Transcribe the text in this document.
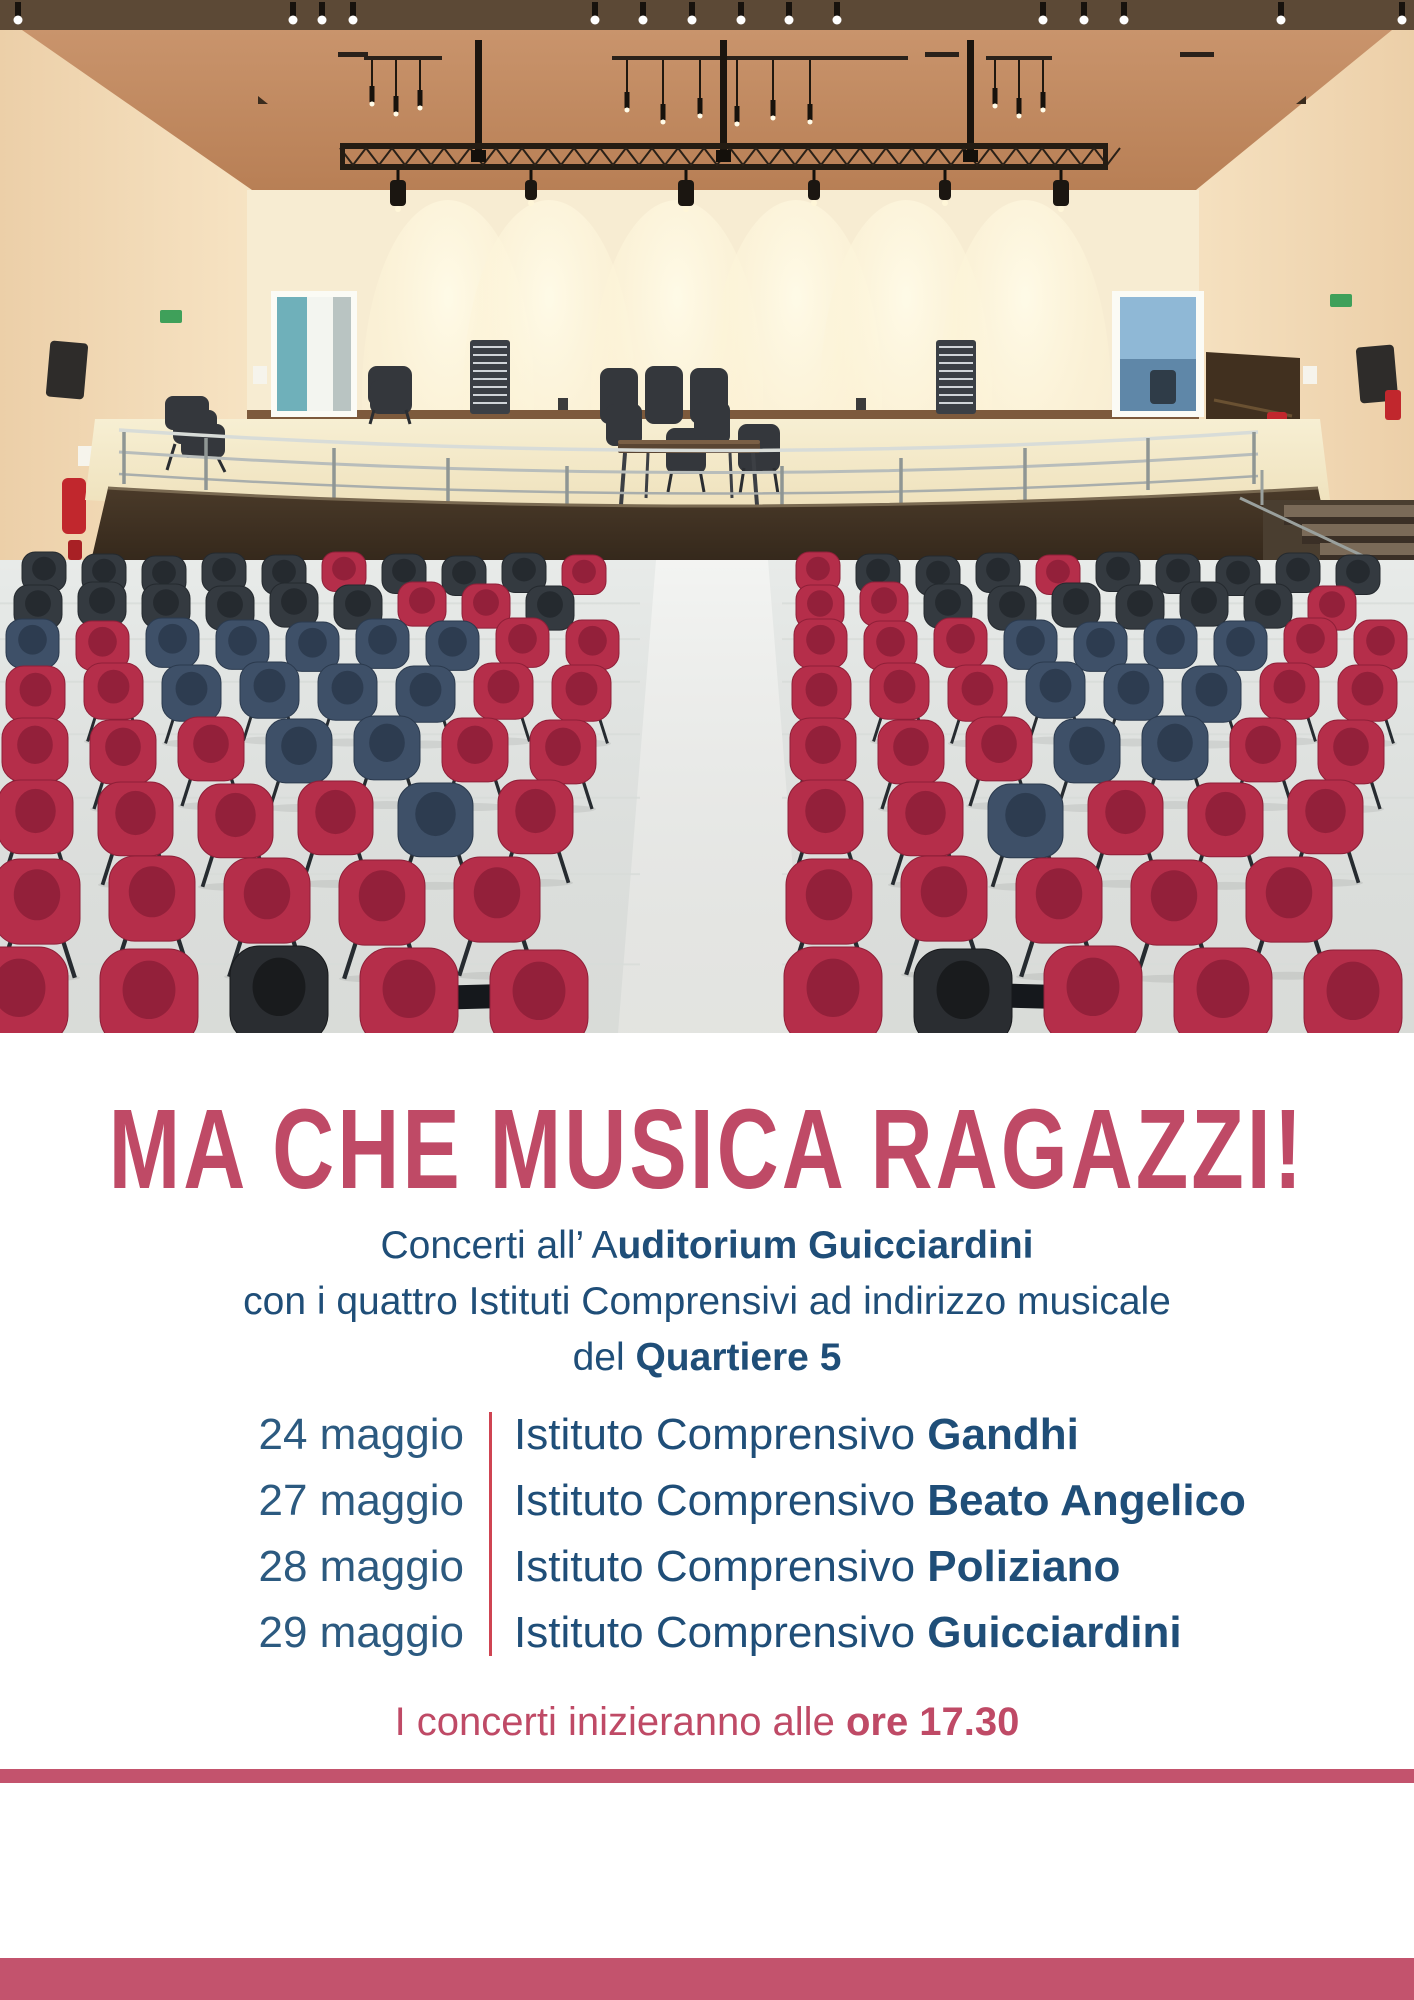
MA CHE MUSICA RAGAZZI!
Concerti all’ Auditorium Guicciardini
con i quattro Istituti Comprensivi ad indirizzo musicale
del Quartiere 5
24 maggio Istituto Comprensivo Gandhi
27 maggio Istituto Comprensivo Beato Angelico
28 maggio Istituto Comprensivo Poliziano
29 maggio Istituto Comprensivo Guicciardini
I concerti inizieranno alle ore 17.30
